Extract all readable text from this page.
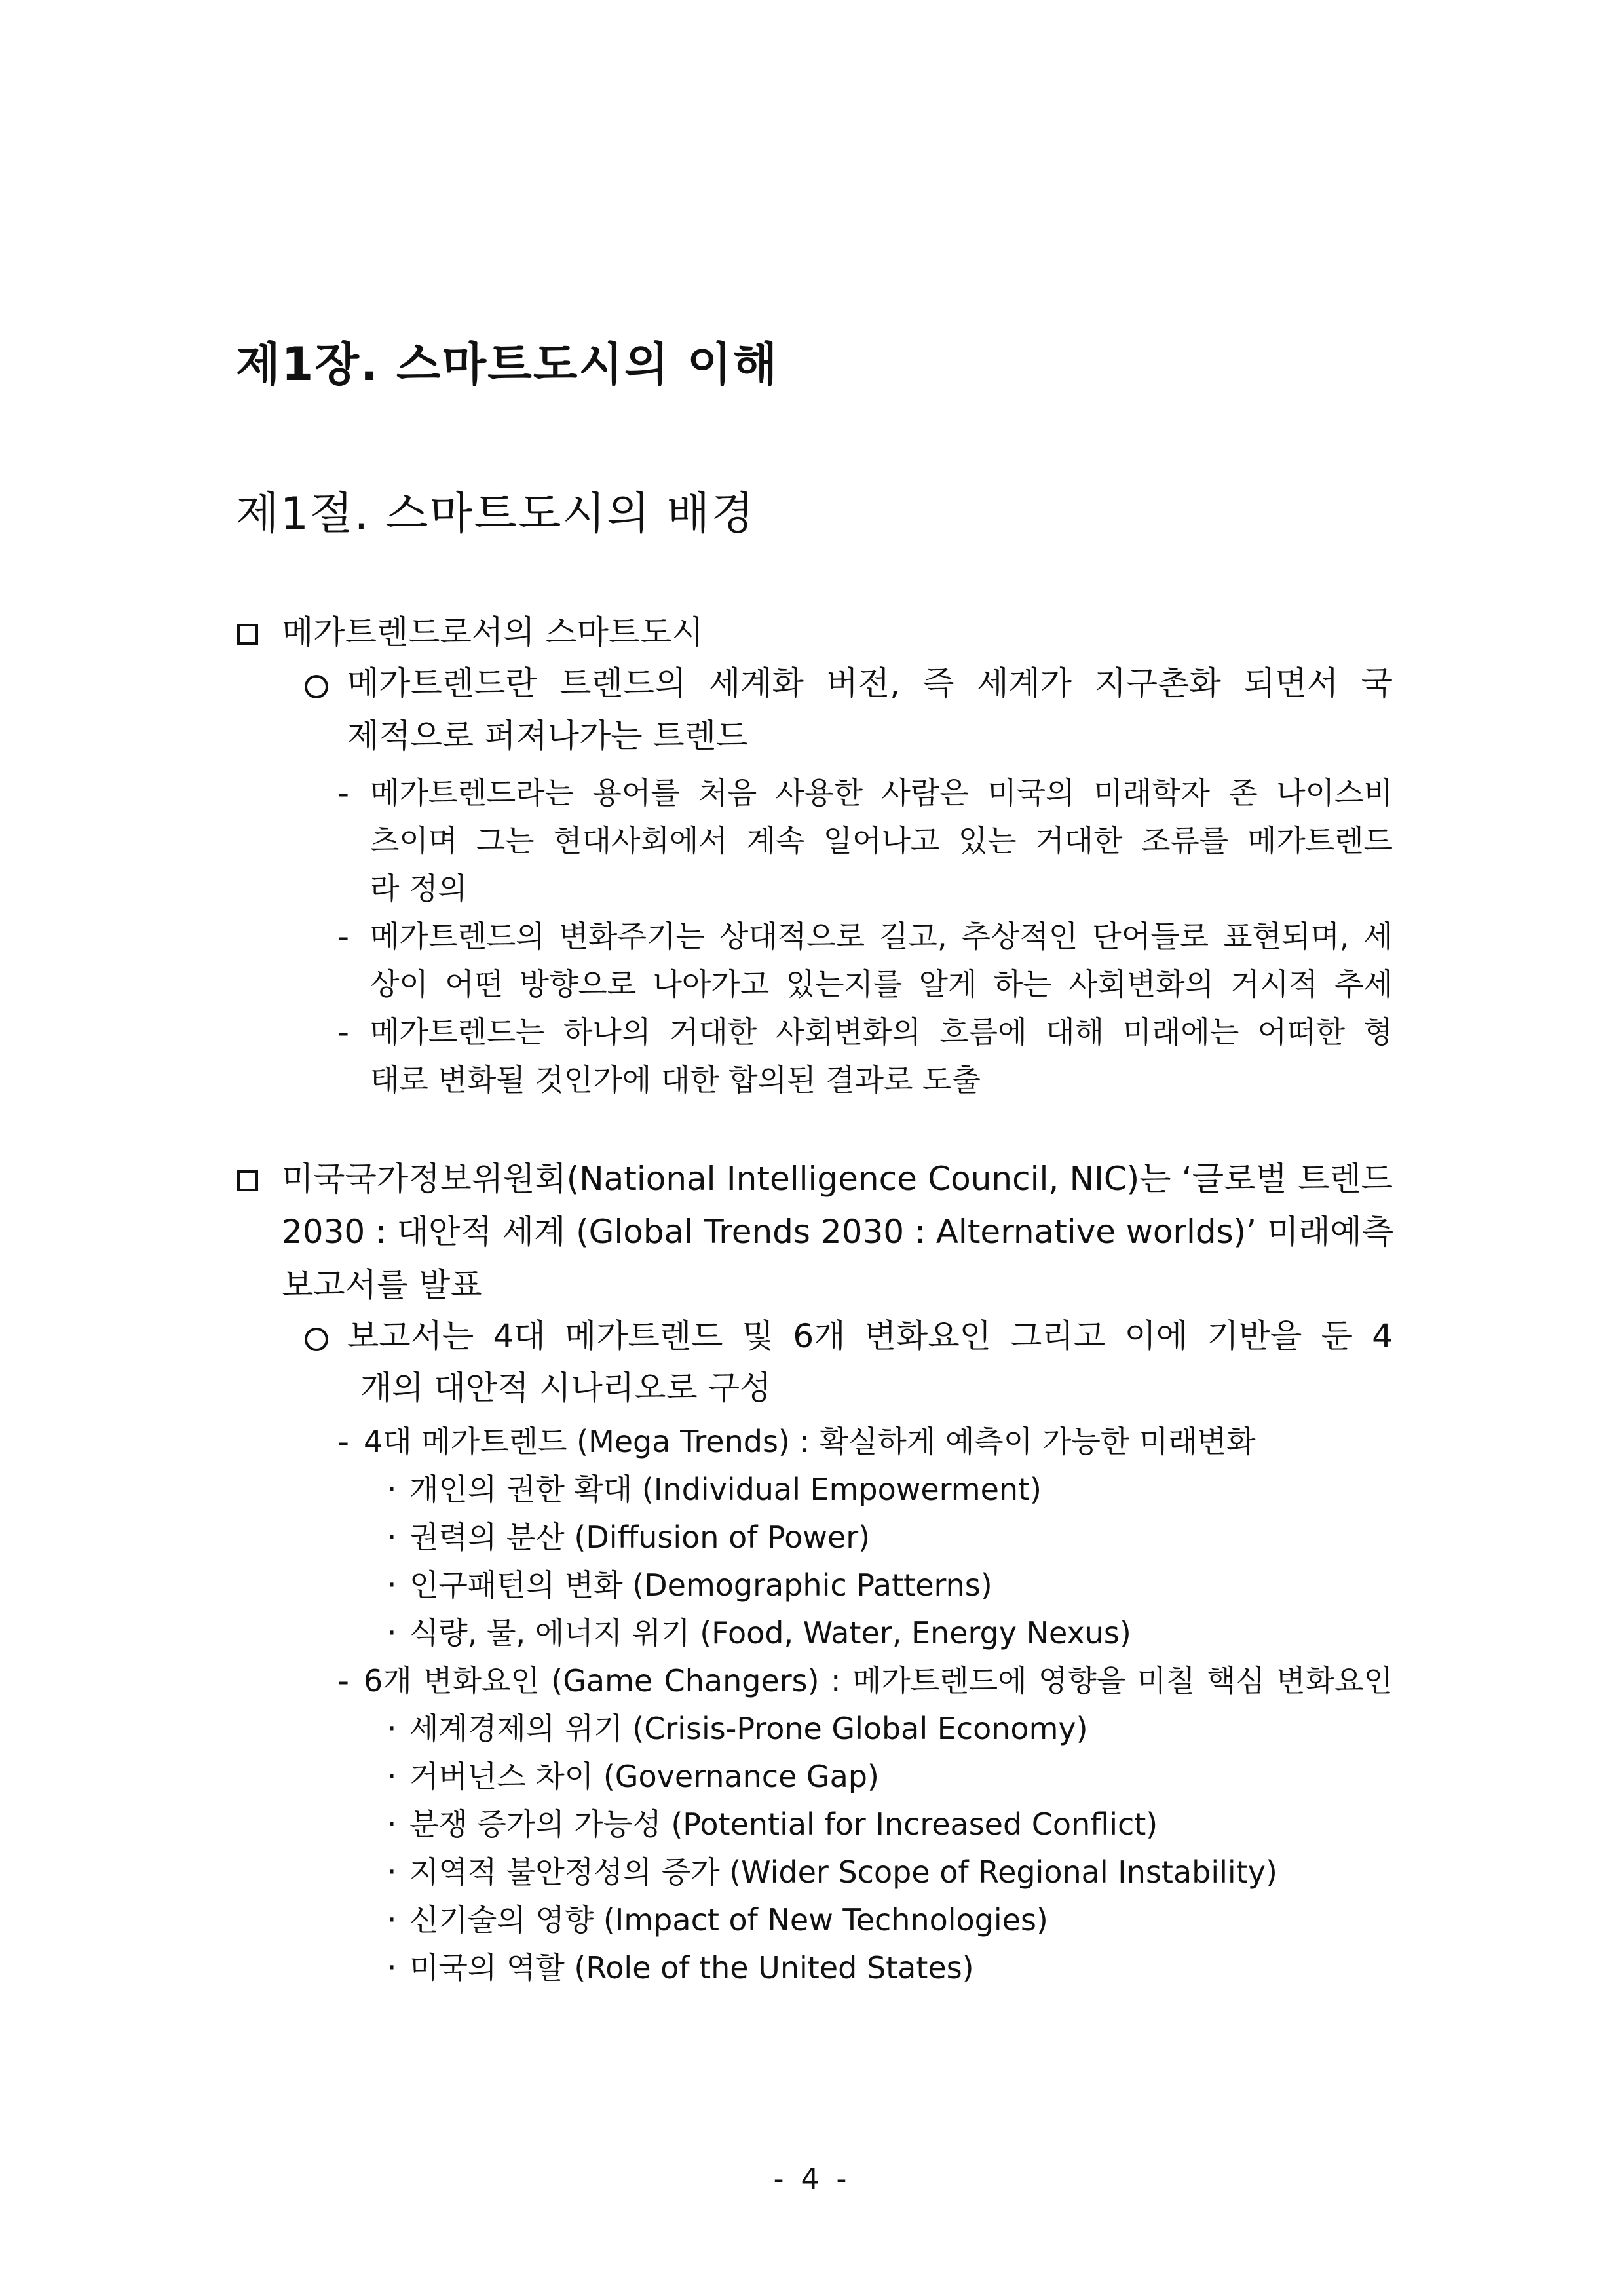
제1장. 스마트도시의 이해
제1절. 스마트도시의 배경
메가트렌드로서의 스마트도시
메가트렌드란 트렌드의 세계화 버전, 즉 세계가 지구촌화 되면서 국
제적으로 퍼져나가는 트렌드
- 메가트렌드라는 용어를 처음 사용한 사람은 미국의 미래학자 존 나이스비
츠이며 그는 현대사회에서 계속 일어나고 있는 거대한 조류를 메가트렌드
라 정의
- 메가트렌드의 변화주기는 상대적으로 길고, 추상적인 단어들로 표현되며, 세
상이 어떤 방향으로 나아가고 있는지를 알게 하는 사회변화의 거시적 추세
- 메가트렌드는 하나의 거대한 사회변화의 흐름에 대해 미래에는 어떠한 형
태로 변화될 것인가에 대한 합의된 결과로 도출
미국국가정보위원회(National Intelligence Council, NIC)는 ‘글로벌 트렌드
2030 : 대안적 세계 (Global Trends 2030 : Alternative worlds)’ 미래예측
보고서를 발표
보고서는 4대 메가트렌드 및 6개 변화요인 그리고 이에 기반을 둔 4
개의 대안적 시나리오로 구성
- 4대 메가트렌드 (Mega Trends) : 확실하게 예측이 가능한 미래변화
· 개인의 권한 확대 (Individual Empowerment)
· 권력의 분산 (Diffusion of Power)
· 인구패턴의 변화 (Demographic Patterns)
· 식량, 물, 에너지 위기 (Food, Water, Energy Nexus)
- 6개 변화요인 (Game Changers) : 메가트렌드에 영향을 미칠 핵심 변화요인
· 세계경제의 위기 (Crisis-Prone Global Economy)
· 거버넌스 차이 (Governance Gap)
· 분쟁 증가의 가능성 (Potential for Increased Conflict)
· 지역적 불안정성의 증가 (Wider Scope of Regional Instability)
· 신기술의 영향 (Impact of New Technologies)
· 미국의 역할 (Role of the United States)
- 4 -
